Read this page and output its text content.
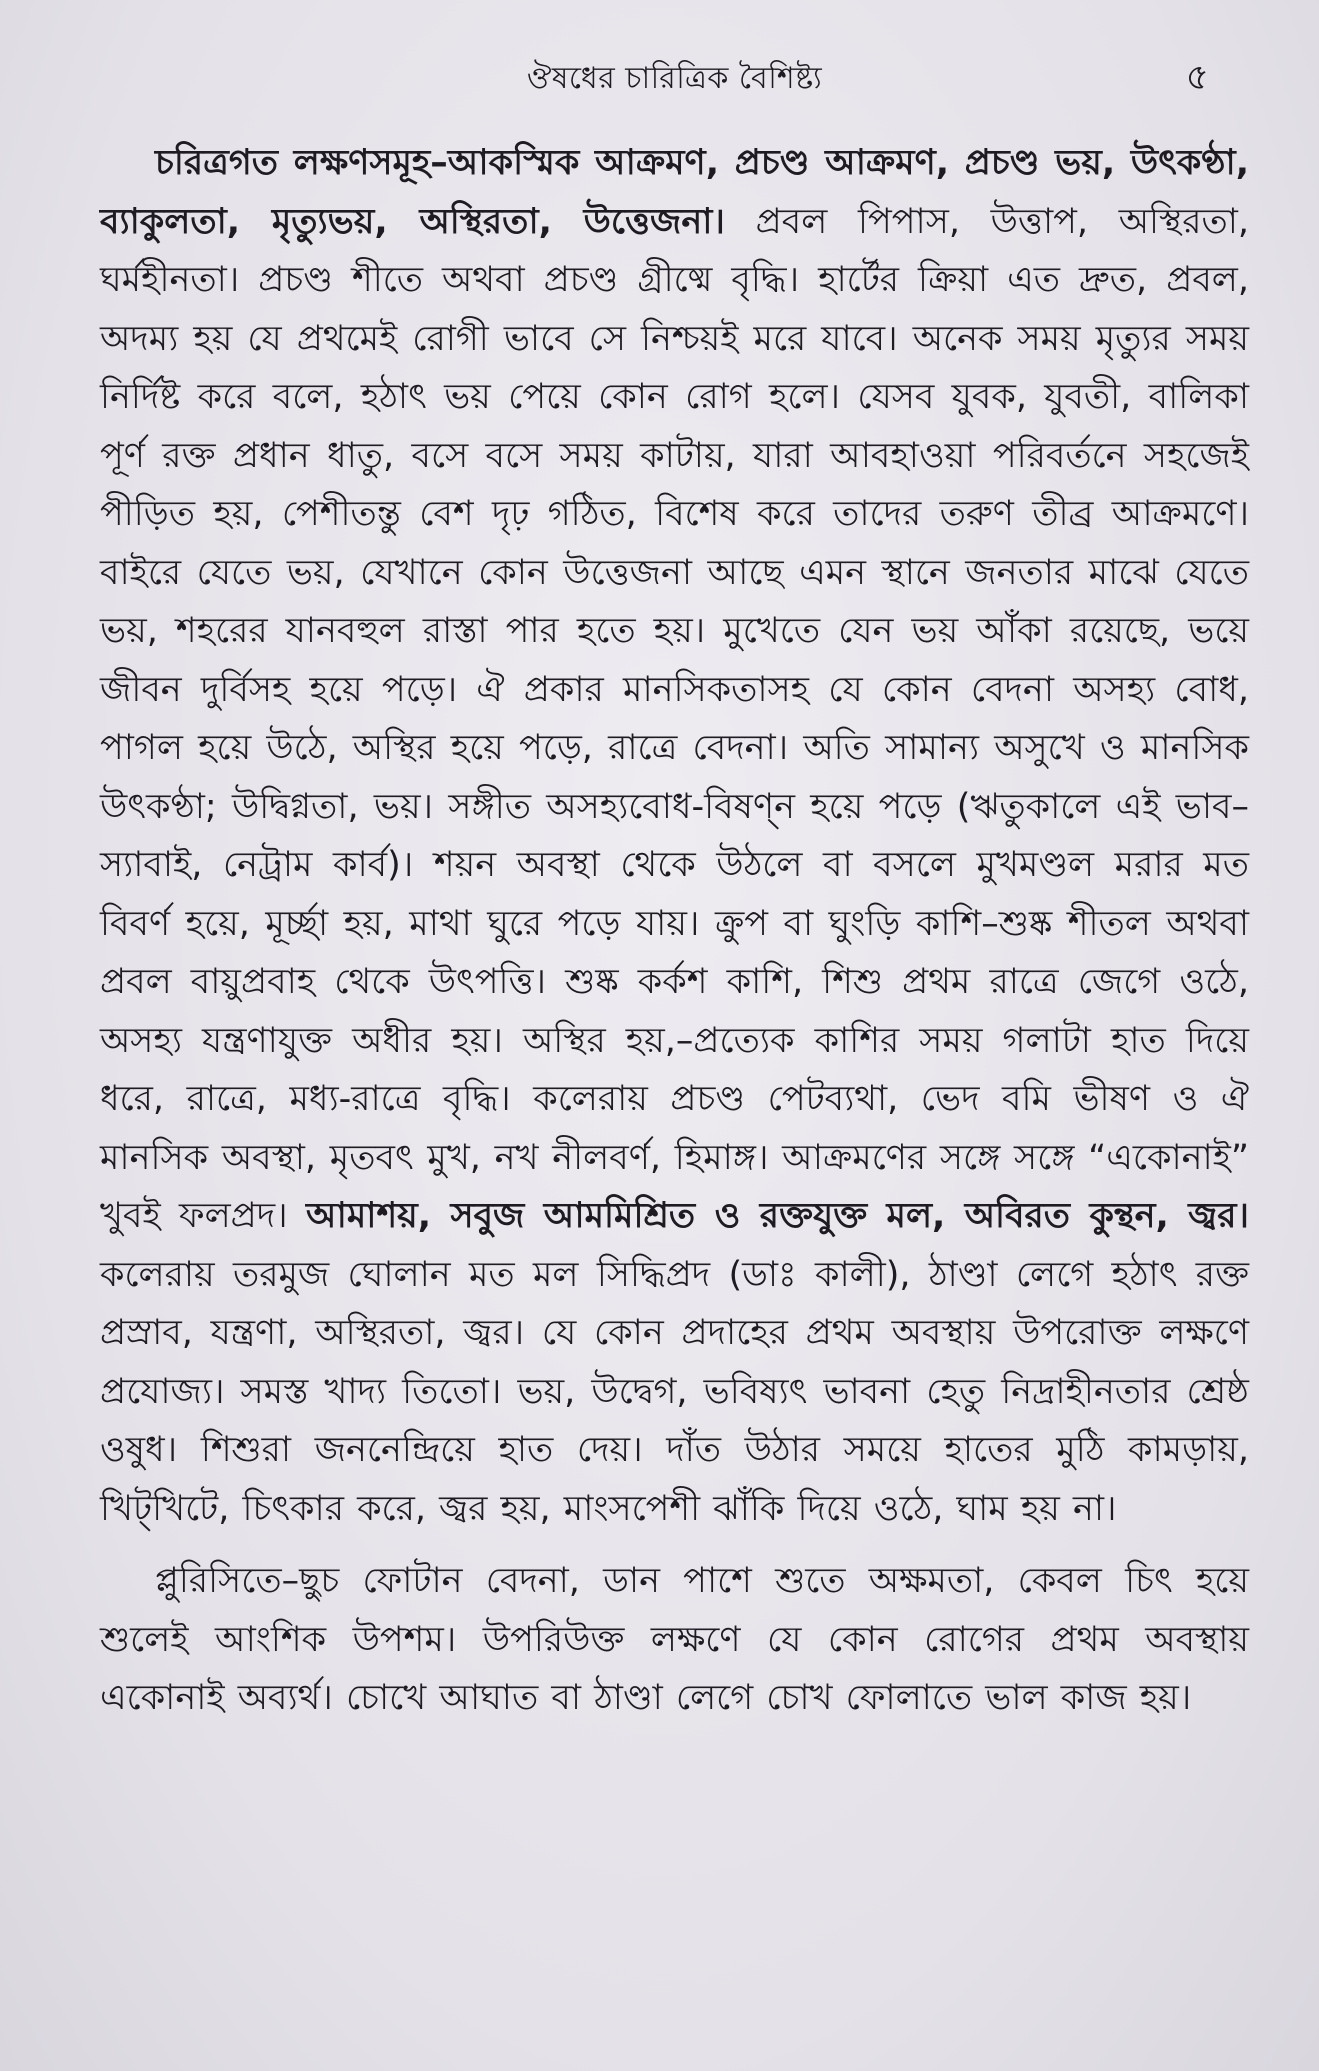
ঔষধের চারিত্রিক বৈশিষ্ট্য	৫

চরিত্রগত লক্ষণসমূহ–আকস্মিক আক্রমণ, প্রচণ্ড আক্রমণ, প্রচণ্ড ভয়, উৎকণ্ঠা, ব্যাকুলতা, মৃত্যুভয়, অস্থিরতা, উত্তেজনা। প্রবল পিপাস, উত্তাপ, অস্থিরতা, ঘর্মহীনতা। প্রচণ্ড শীতে অথবা প্রচণ্ড গ্রীষ্মে বৃদ্ধি। হার্টের ক্রিয়া এত দ্রুত, প্রবল, অদম্য হয় যে প্রথমেই রোগী ভাবে সে নিশ্চয়ই মরে যাবে। অনেক সময় মৃত্যুর সময় নির্দিষ্ট করে বলে, হঠাৎ ভয় পেয়ে কোন রোগ হলে। যেসব যুবক, যুবতী, বালিকা পূর্ণ রক্ত প্রধান ধাতু, বসে বসে সময় কাটায়, যারা আবহাওয়া পরিবর্তনে সহজেই পীড়িত হয়, পেশীতন্তু বেশ দৃঢ় গঠিত, বিশেষ করে তাদের তরুণ তীব্র আক্রমণে। বাইরে যেতে ভয়, যেখানে কোন উত্তেজনা আছে এমন স্থানে জনতার মাঝে যেতে ভয়, শহরের যানবহুল রাস্তা পার হতে হয়। মুখেতে যেন ভয় আঁকা রয়েছে, ভয়ে জীবন দুর্বিসহ হয়ে পড়ে। ঐ প্রকার মানসিকতাসহ যে কোন বেদনা অসহ্য বোধ, পাগল হয়ে উঠে, অস্থির হয়ে পড়ে, রাত্রে বেদনা। অতি সামান্য অসুখে ও মানসিক উৎকণ্ঠা; উদ্বিগ্নতা, ভয়। সঙ্গীত অসহ্যবোধ-বিষণ্ন হয়ে পড়ে (ঋতুকালে এই ভাব–স্যাবাই, নেট্রাম কার্ব)। শয়ন অবস্থা থেকে উঠলে বা বসলে মুখমণ্ডল মরার মত বিবর্ণ হয়ে, মূর্চ্ছা হয়, মাথা ঘুরে পড়ে যায়। ক্রুপ বা ঘুংড়ি কাশি–শুষ্ক শীতল অথবা প্রবল বায়ুপ্রবাহ থেকে উৎপত্তি। শুষ্ক কর্কশ কাশি, শিশু প্রথম রাত্রে জেগে ওঠে, অসহ্য যন্ত্রণাযুক্ত অধীর হয়। অস্থির হয়,–প্রত্যেক কাশির সময় গলাটা হাত দিয়ে ধরে, রাত্রে, মধ্য-রাত্রে বৃদ্ধি। কলেরায় প্রচণ্ড পেটব্যথা, ভেদ বমি ভীষণ ও ঐ মানসিক অবস্থা, মৃতবৎ মুখ, নখ নীলবর্ণ, হিমাঙ্গ। আক্রমণের সঙ্গে সঙ্গে “একোনাই” খুবই ফলপ্রদ। আমাশয়, সবুজ আমমিশ্রিত ও রক্তযুক্ত মল, অবিরত কুন্থন, জ্বর। কলেরায় তরমুজ ঘোলান মত মল সিদ্ধিপ্রদ (ডাঃ কালী), ঠাণ্ডা লেগে হঠাৎ রক্ত প্রস্রাব, যন্ত্রণা, অস্থিরতা, জ্বর। যে কোন প্রদাহের প্রথম অবস্থায় উপরোক্ত লক্ষণে প্রযোজ্য। সমস্ত খাদ্য তিতো। ভয়, উদ্বেগ, ভবিষ্যৎ ভাবনা হেতু নিদ্রাহীনতার শ্রেষ্ঠ ওষুধ। শিশুরা জননেন্দ্রিয়ে হাত দেয়। দাঁত উঠার সময়ে হাতের মুঠি কামড়ায়, খিট্‌খিটে, চিৎকার করে, জ্বর হয়, মাংসপেশী ঝাঁকি দিয়ে ওঠে, ঘাম হয় না।

প্লুরিসিতে–ছুচ ফোটান বেদনা, ডান পাশে শুতে অক্ষমতা, কেবল চিৎ হয়ে শুলেই আংশিক উপশম। উপরিউক্ত লক্ষণে যে কোন রোগের প্রথম অবস্থায় একোনাই অব্যর্থ। চোখে আঘাত বা ঠাণ্ডা লেগে চোখ ফোলাতে ভাল কাজ হয়।
